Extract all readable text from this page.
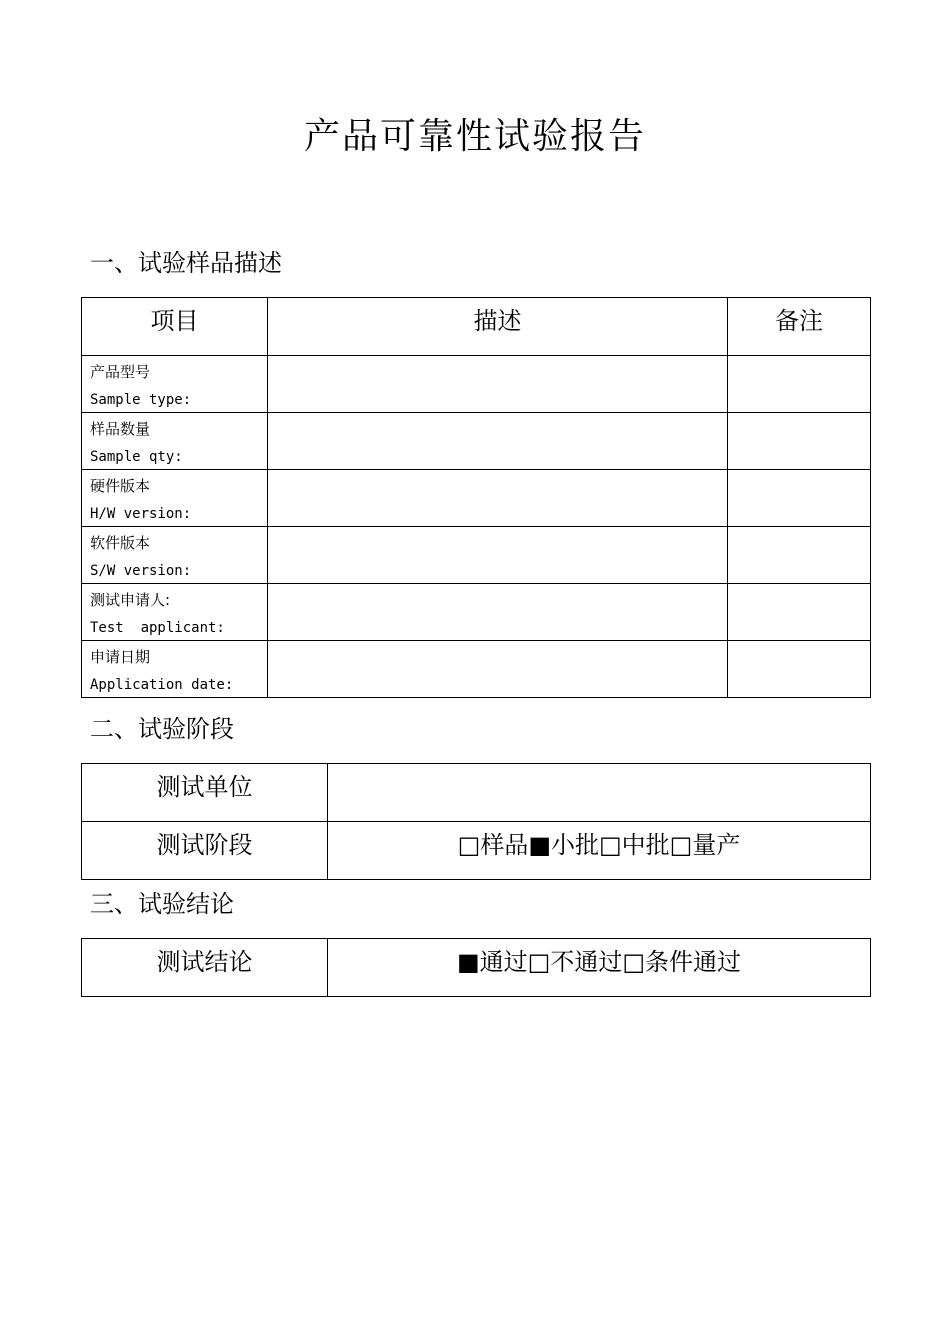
产品可靠性试验报告
一、试验样品描述
项目	描述	备注

产品型号
Sample type:		

样品数量
Sample qty:		

硬件版本
H/W version:		

软件版本
S/W version:		

测试申请人:
Test  applicant:		

申请日期
Application date:		

二、试验阶段
测试单位	
测试阶段	□样品■小批□中批□量产
三、试验结论
测试结论	■通过□不通过□条件通过
